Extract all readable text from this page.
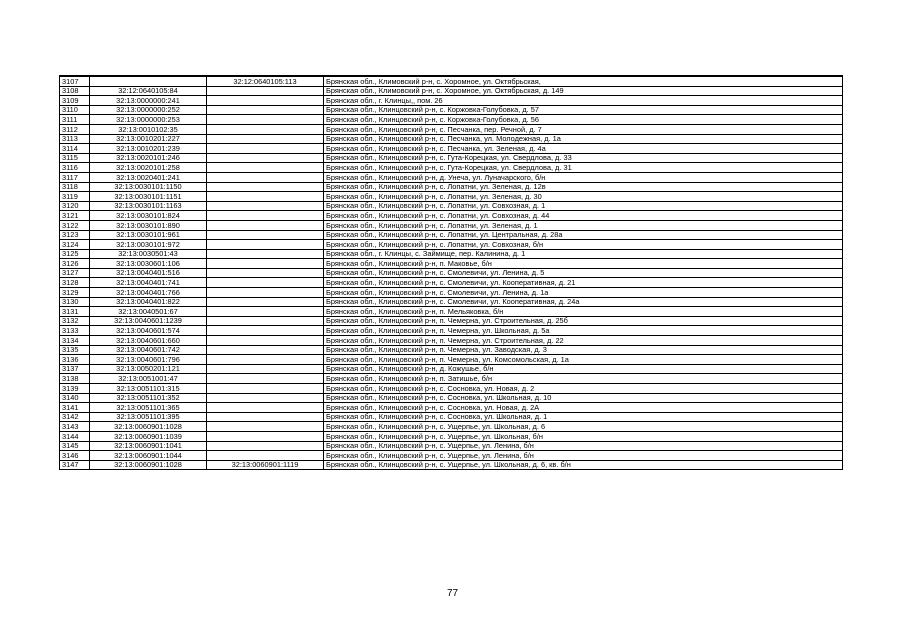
3107		32:12:0640105:113	Брянская обл., Климовский р-н, с. Хоромное, ул. Октябрьская,
3108	32:12:0640105:84		Брянская обл., Климовский р-н, с. Хоромное, ул. Октябрьская, д. 149
3109	32:13:0000000:241		Брянская обл., г. Клинцы,, пом. 26
3110	32:13:0000000:252		Брянская обл., Клинцовский р-н, с. Коржовка-Голубовка, д. 57
3111	32:13:0000000:253		Брянская обл., Клинцовский р-н, с. Коржовка-Голубовка, д. 56
3112	32:13:0010102:35		Брянская обл., Клинцовский р-н, с. Песчанка, пер. Речной, д. 7
3113	32:13:0010201:227		Брянская обл., Клинцовский р-н, с. Песчанка, ул. Молодежная, д. 1а
3114	32:13:0010201:239		Брянская обл., Клинцовский р-н, с. Песчанка, ул. Зеленая, д. 4а
3115	32:13:0020101:246		Брянская обл., Клинцовский р-н, с. Гута-Корецкая, ул. Свердлова, д. 33
3116	32:13:0020101:258		Брянская обл., Клинцовский р-н, с. Гута-Корецкая, ул. Свердлова, д. 31
3117	32:13:0020401:241		Брянская обл., Клинцовский р-н, д. Унеча, ул. Луначарского, б/н
3118	32:13:0030101:1150		Брянская обл., Клинцовский р-н, с. Лопатни, ул. Зеленая, д. 12в
3119	32:13:0030101:1151		Брянская обл., Клинцовский р-н, с. Лопатни, ул. Зеленая, д. 30
3120	32:13:0030101:1163		Брянская обл., Клинцовский р-н, с. Лопатни, ул. Совхозная, д. 1
3121	32:13:0030101:824		Брянская обл., Клинцовский р-н, с. Лопатни, ул. Совхозная, д. 44
3122	32:13:0030101:890		Брянская обл., Клинцовский р-н, с. Лопатни, ул. Зеленая, д. 1
3123	32:13:0030101:961		Брянская обл., Клинцовский р-н, с. Лопатни, ул. Центральная, д. 28а
3124	32:13:0030101:972		Брянская обл., Клинцовский р-н, с. Лопатни, ул. Совхозная, б/н
3125	32:13:0030501:43		Брянская обл., г. Клинцы, с. Займище, пер. Калинина, д. 1
3126	32:13:0030601:106		Брянская обл., Клинцовский р-н, п. Маковье, б/н
3127	32:13:0040401:516		Брянская обл., Клинцовский р-н, с. Смолевичи, ул. Ленина, д. 5
3128	32:13:0040401:741		Брянская обл., Клинцовский р-н, с. Смолевичи, ул. Кооперативная, д. 21
3129	32:13:0040401:766		Брянская обл., Клинцовский р-н, с. Смолевичи, ул. Ленина, д. 1а
3130	32:13:0040401:822		Брянская обл., Клинцовский р-н, с. Смолевичи, ул. Кооперативная, д. 24а
3131	32:13:0040501:67		Брянская обл., Клинцовский р-н, п. Мельяковка, б/н
3132	32:13:0040601:1239		Брянская обл., Клинцовский р-н, п. Чемерна, ул. Строительная, д. 25б
3133	32:13:0040601:574		Брянская обл., Клинцовский р-н, п. Чемерна, ул. Школьная, д. 5а
3134	32:13:0040601:660		Брянская обл., Клинцовский р-н, п. Чемерна, ул. Строительная, д. 22
3135	32:13:0040601:742		Брянская обл., Клинцовский р-н, п. Чемерна, ул. Заводская, д. 3
3136	32:13:0040601:796		Брянская обл., Клинцовский р-н, п. Чемерна, ул. Комсомольская, д. 1а
3137	32:13:0050201:121		Брянская обл., Клинцовский р-н, д. Кожушье, б/н
3138	32:13:0051001:47		Брянская обл., Клинцовский р-н, п. Затишье, б/н
3139	32:13:0051101:315		Брянская обл., Клинцовский р-н, с. Сосновка, ул. Новая, д. 2
3140	32:13:0051101:352		Брянская обл., Клинцовский р-н, с. Сосновка, ул. Школьная, д. 10
3141	32:13:0051101:365		Брянская обл., Клинцовский р-н, с. Сосновка, ул. Новая, д. 2А
3142	32:13:0051101:395		Брянская обл., Клинцовский р-н, с. Сосновка, ул. Школьная, д. 1
3143	32:13:0060901:1028		Брянская обл., Клинцовский р-н, с. Ущерпье, ул. Школьная, д. 6
3144	32:13:0060901:1039		Брянская обл., Клинцовский р-н, с. Ущерпье, ул. Школьная, б/н
3145	32:13:0060901:1041		Брянская обл., Клинцовский р-н, с. Ущерпье, ул. Ленина, б/н
3146	32:13:0060901:1044		Брянская обл., Клинцовский р-н, с. Ущерпье, ул. Ленина, б/н
3147	32:13:0060901:1028	32:13:0060901:1119	Брянская обл., Клинцовский р-н, с. Ущерпье, ул. Школьная, д. 6, кв. б/н
77
